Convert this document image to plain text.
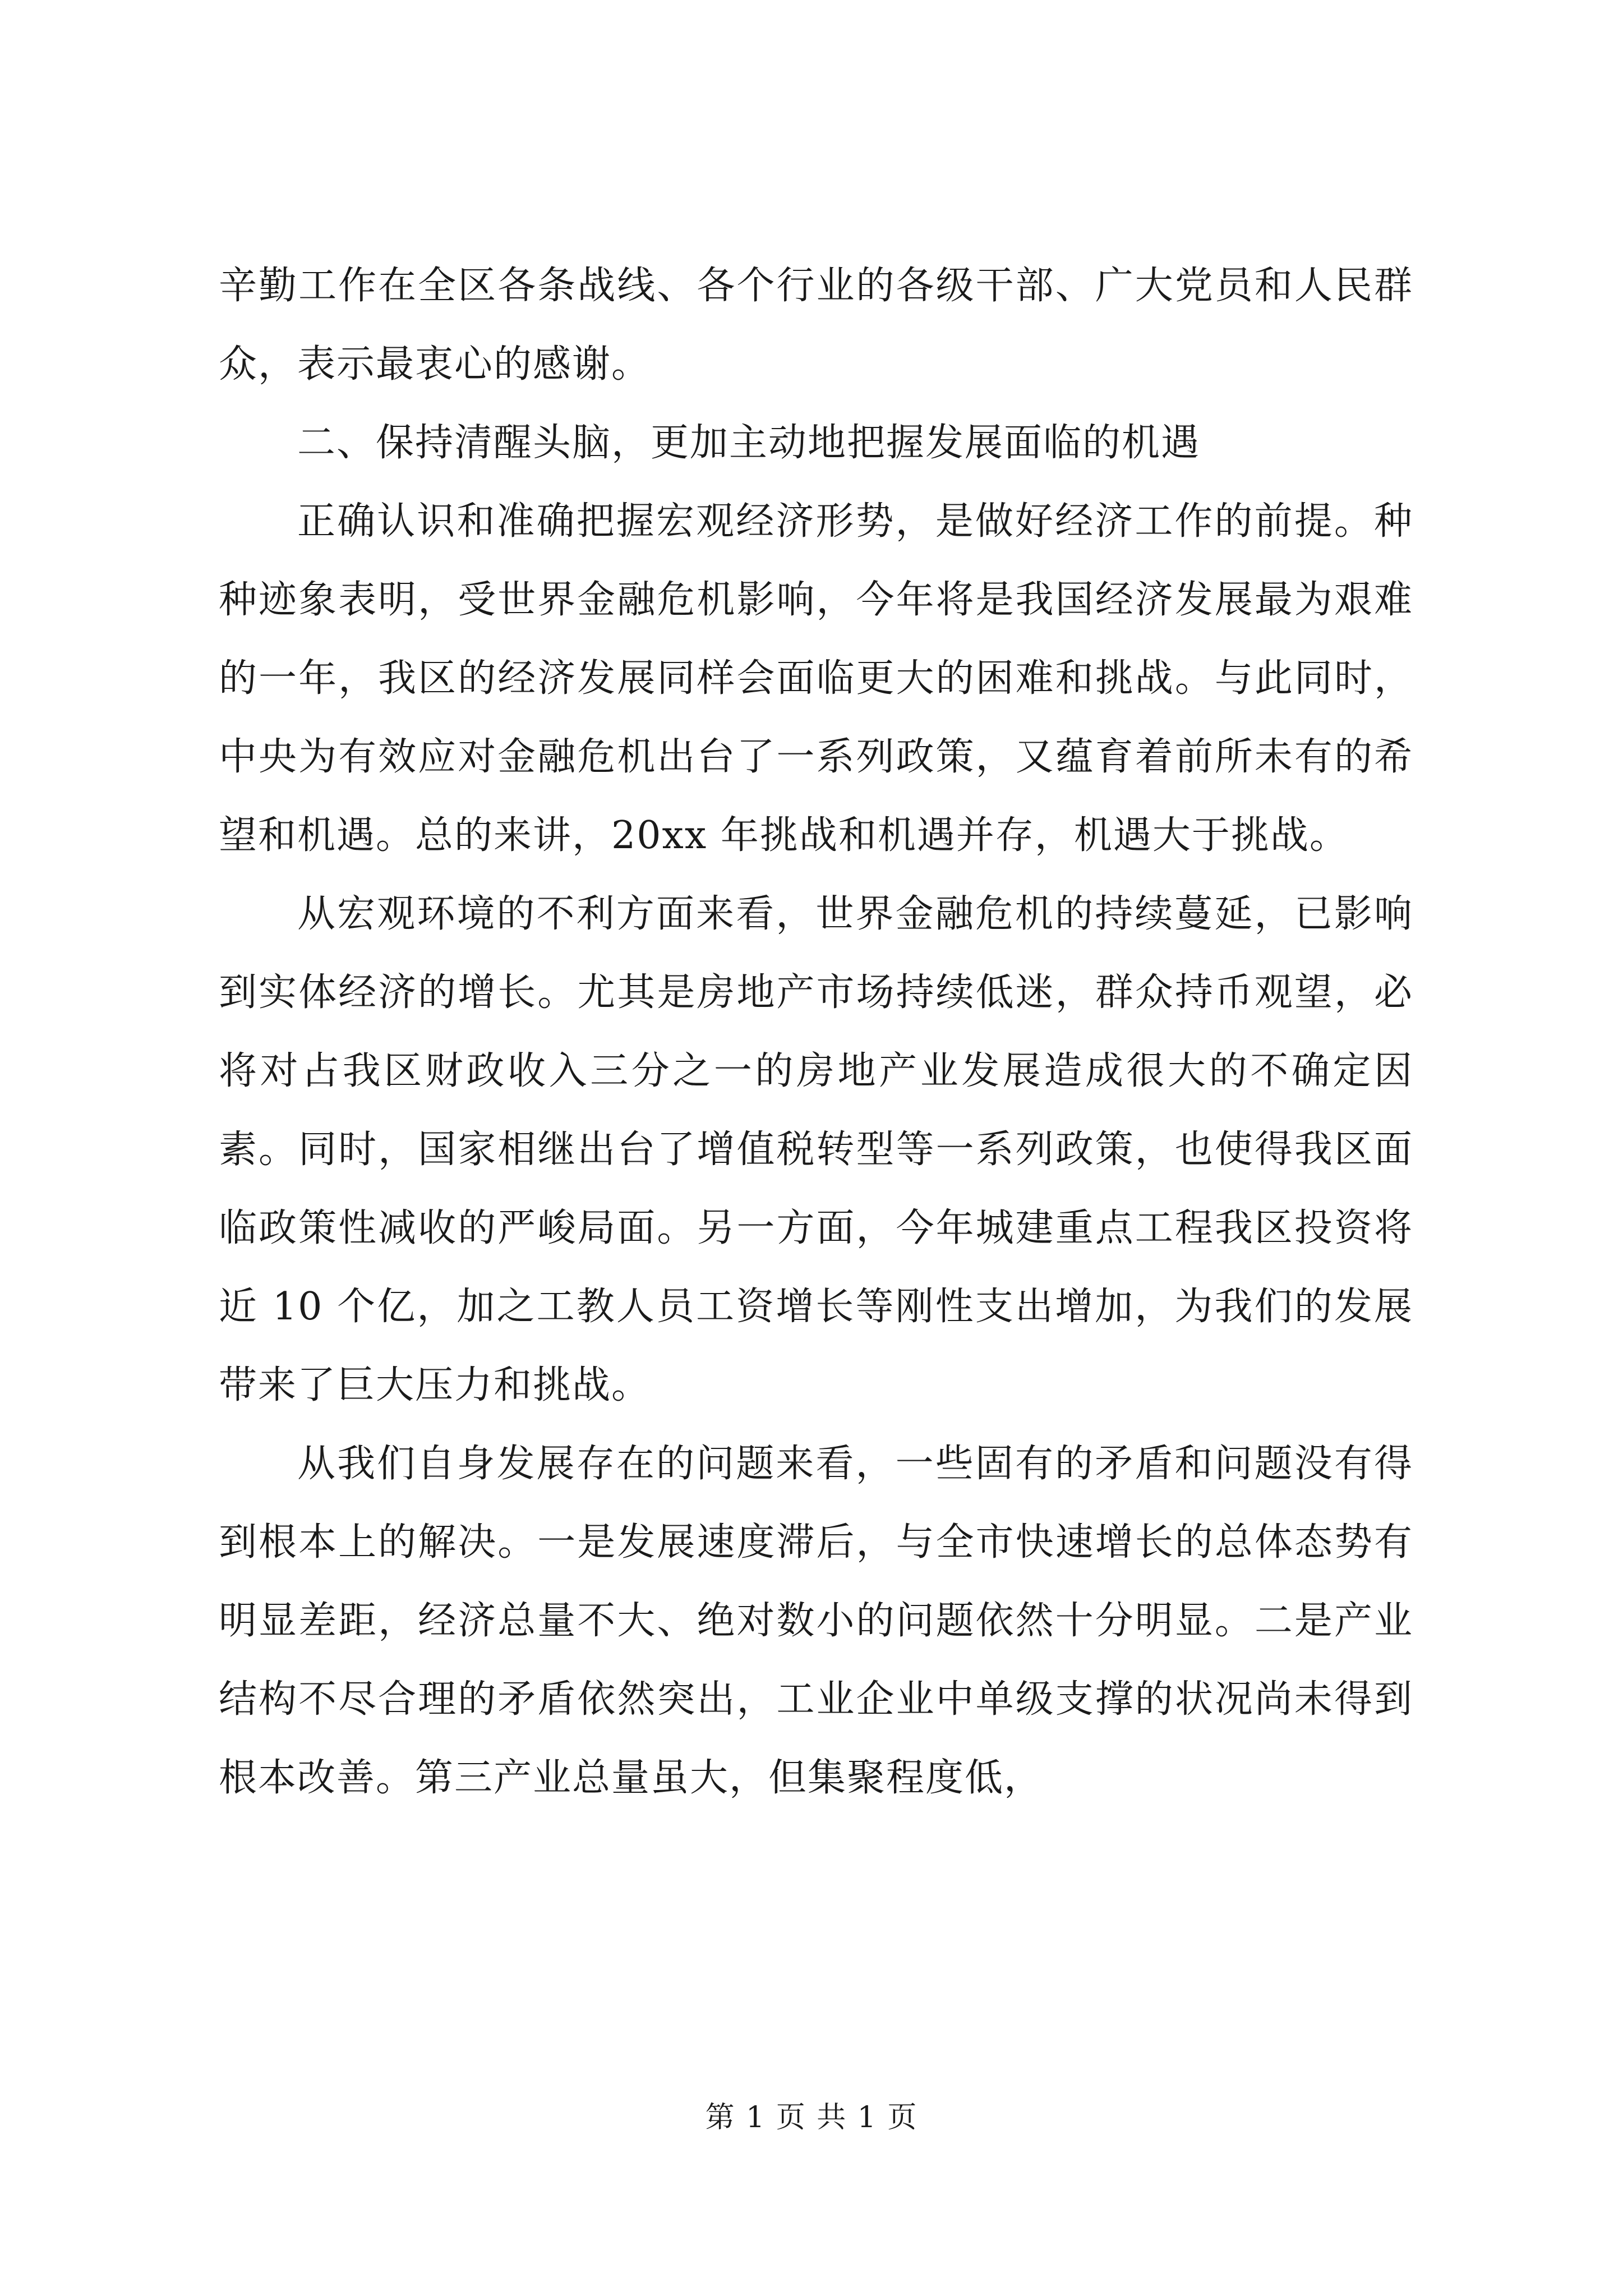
辛勤工作在全区各条战线、各个行业的各级干部、广大党员和人民群众，表示最衷心的感谢。

二、保持清醒头脑，更加主动地把握发展面临的机遇

正确认识和准确把握宏观经济形势，是做好经济工作的前提。种种迹象表明，受世界金融危机影响，今年将是我国经济发展最为艰难的一年，我区的经济发展同样会面临更大的困难和挑战。与此同时，中央为有效应对金融危机出台了一系列政策，又蕴育着前所未有的希望和机遇。总的来讲，20xx 年挑战和机遇并存，机遇大于挑战。

从宏观环境的不利方面来看，世界金融危机的持续蔓延，已影响到实体经济的增长。尤其是房地产市场持续低迷，群众持币观望，必将对占我区财政收入三分之一的房地产业发展造成很大的不确定因素。同时，国家相继出台了增值税转型等一系列政策，也使得我区面临政策性减收的严峻局面。另一方面，今年城建重点工程我区投资将近 10 个亿，加之工教人员工资增长等刚性支出增加，为我们的发展带来了巨大压力和挑战。

从我们自身发展存在的问题来看，一些固有的矛盾和问题没有得到根本上的解决。一是发展速度滞后，与全市快速增长的总体态势有明显差距，经济总量不大、绝对数小的问题依然十分明显。二是产业结构不尽合理的矛盾依然突出，工业企业中单级支撑的状况尚未得到根本改善。第三产业总量虽大，但集聚程度低，

第 1 页 共 1 页
